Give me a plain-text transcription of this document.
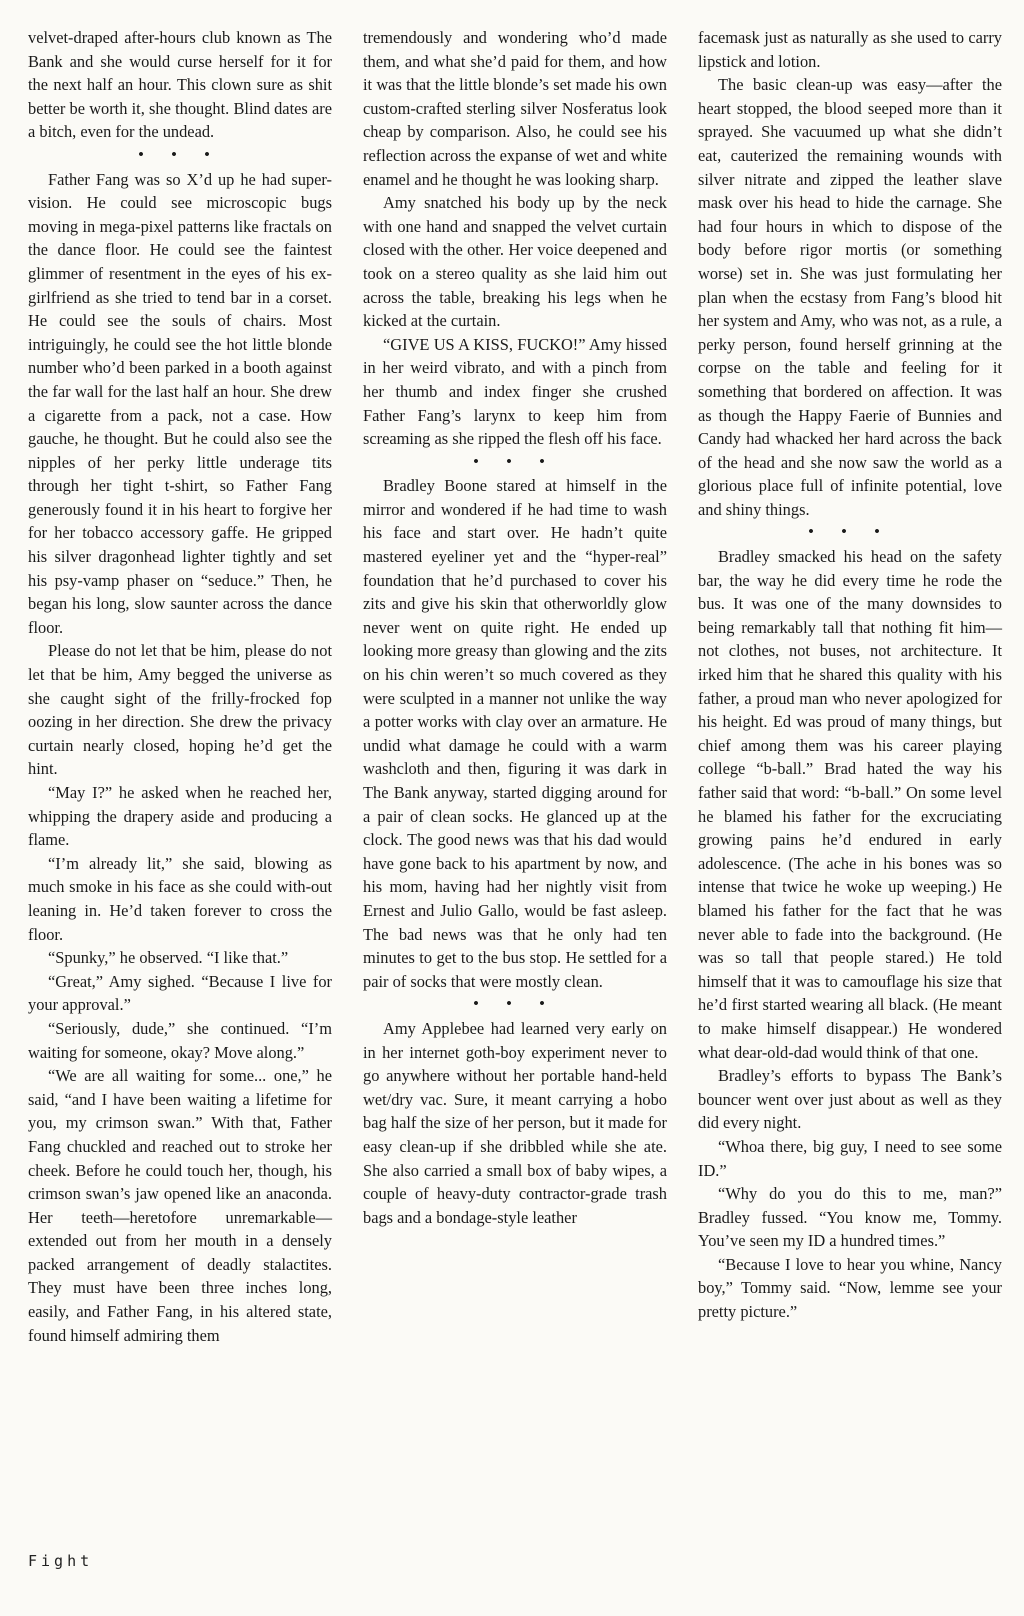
velvet-draped after-hours club known as The Bank and she would curse herself for it for the next half an hour. This clown sure as shit better be worth it, she thought. Blind dates are a bitch, even for the undead.

• • •

Father Fang was so X’d up he had super-vision. He could see microscopic bugs moving in mega-pixel patterns like fractals on the dance floor. He could see the faintest glimmer of resentment in the eyes of his ex-girlfriend as she tried to tend bar in a corset. He could see the souls of chairs. Most intriguingly, he could see the hot little blonde number who’d been parked in a booth against the far wall for the last half an hour. She drew a cigarette from a pack, not a case. How gauche, he thought. But he could also see the nipples of her perky little underage tits through her tight t-shirt, so Father Fang generously found it in his heart to forgive her for her tobacco accessory gaffe. He gripped his silver dragonhead lighter tightly and set his psy-vamp phaser on “seduce.” Then, he began his long, slow saunter across the dance floor.

Please do not let that be him, please do not let that be him, Amy begged the universe as she caught sight of the frilly-frocked fop oozing in her direction. She drew the privacy curtain nearly closed, hoping he’d get the hint.

“May I?” he asked when he reached her, whipping the drapery aside and producing a flame.

“I’m already lit,” she said, blowing as much smoke in his face as she could with-out leaning in. He’d taken forever to cross the floor.

“Spunky,” he observed. “I like that.”

“Great,” Amy sighed. “Because I live for your approval.”

“Seriously, dude,” she continued. “I’m waiting for someone, okay? Move along.”

“We are all waiting for some... one,” he said, “and I have been waiting a lifetime for you, my crimson swan.” With that, Father Fang chuckled and reached out to stroke her cheek. Before he could touch her, though, his crimson swan’s jaw opened like an anaconda. Her teeth—heretofore unremarkable—extended out from her mouth in a densely packed arrangement of deadly stalactites. They must have been three inches long, easily, and Father Fang, in his altered state, found himself admiring them

tremendously and wondering who’d made them, and what she’d paid for them, and how it was that the little blonde’s set made his own custom-crafted sterling silver Nosferatus look cheap by comparison. Also, he could see his reflection across the expanse of wet and white enamel and he thought he was looking sharp.

Amy snatched his body up by the neck with one hand and snapped the velvet curtain closed with the other. Her voice deepened and took on a stereo quality as she laid him out across the table, breaking his legs when he kicked at the curtain.

“GIVE US A KISS, FUCKO!” Amy hissed in her weird vibrato, and with a pinch from her thumb and index finger she crushed Father Fang’s larynx to keep him from screaming as she ripped the flesh off his face.

• • •

Bradley Boone stared at himself in the mirror and wondered if he had time to wash his face and start over. He hadn’t quite mastered eyeliner yet and the “hyper-real” foundation that he’d purchased to cover his zits and give his skin that otherworldly glow never went on quite right. He ended up looking more greasy than glowing and the zits on his chin weren’t so much covered as they were sculpted in a manner not unlike the way a potter works with clay over an armature. He undid what damage he could with a warm washcloth and then, figuring it was dark in The Bank anyway, started digging around for a pair of clean socks. He glanced up at the clock. The good news was that his dad would have gone back to his apartment by now, and his mom, having had her nightly visit from Ernest and Julio Gallo, would be fast asleep. The bad news was that he only had ten minutes to get to the bus stop. He settled for a pair of socks that were mostly clean.

• • •

Amy Applebee had learned very early on in her internet goth-boy experiment never to go anywhere without her portable hand-held wet/dry vac. Sure, it meant carrying a hobo bag half the size of her person, but it made for easy clean-up if she dribbled while she ate. She also carried a small box of baby wipes, a couple of heavy-duty contractor-grade trash bags and a bondage-style leather

facemask just as naturally as she used to carry lipstick and lotion.

The basic clean-up was easy—after the heart stopped, the blood seeped more than it sprayed. She vacuumed up what she didn’t eat, cauterized the remaining wounds with silver nitrate and zipped the leather slave mask over his head to hide the carnage. She had four hours in which to dispose of the body before rigor mortis (or something worse) set in. She was just formulating her plan when the ecstasy from Fang’s blood hit her system and Amy, who was not, as a rule, a perky person, found herself grinning at the corpse on the table and feeling for it something that bordered on affection. It was as though the Happy Faerie of Bunnies and Candy had whacked her hard across the back of the head and she now saw the world as a glorious place full of infinite potential, love and shiny things.

• • •

Bradley smacked his head on the safety bar, the way he did every time he rode the bus. It was one of the many downsides to being remarkably tall that nothing fit him—not clothes, not buses, not architecture. It irked him that he shared this quality with his father, a proud man who never apologized for his height. Ed was proud of many things, but chief among them was his career playing college “b-ball.” Brad hated the way his father said that word: “b-ball.” On some level he blamed his father for the excruciating growing pains he’d endured in early adolescence. (The ache in his bones was so intense that twice he woke up weeping.) He blamed his father for the fact that he was never able to fade into the background. (He was so tall that people stared.) He told himself that it was to camouflage his size that he’d first started wearing all black. (He meant to make himself disappear.) He wondered what dear-old-dad would think of that one.

Bradley’s efforts to bypass The Bank’s bouncer went over just about as well as they did every night.

“Whoa there, big guy, I need to see some ID.”

“Why do you do this to me, man?” Bradley fussed. “You know me, Tommy. You’ve seen my ID a hundred times.”

“Because I love to hear you whine, Nancy boy,” Tommy said. “Now, lemme see your pretty picture.”

Fight
